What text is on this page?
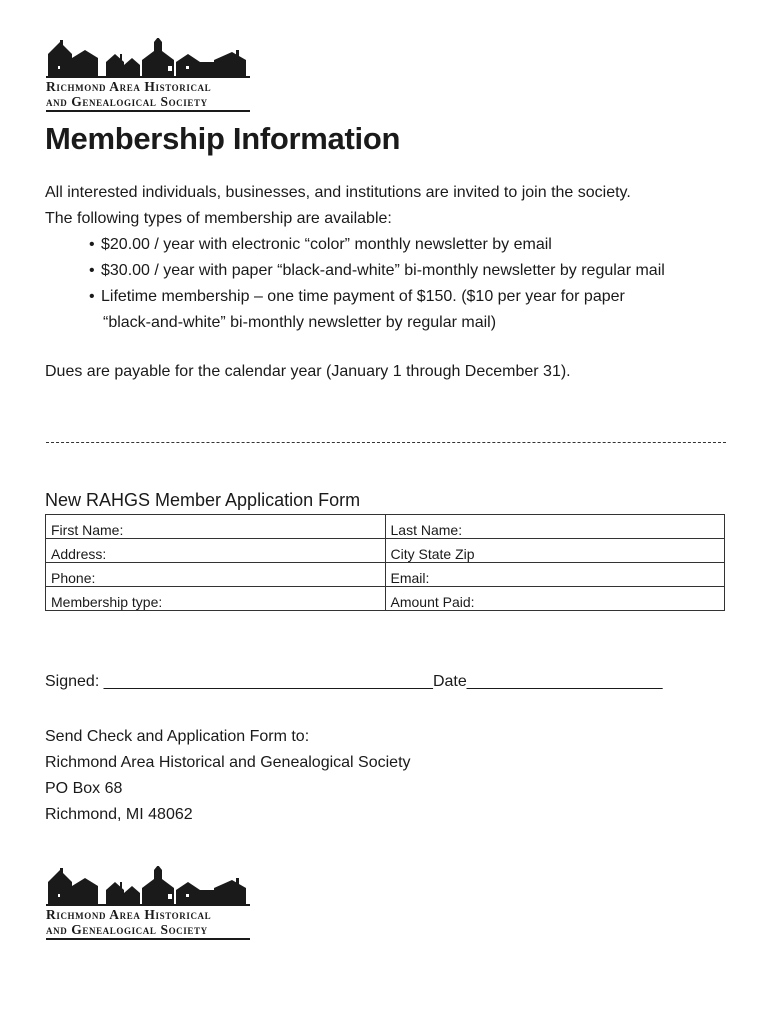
Richmond Area Historical
and Genealogical Society
Membership Information
All interested individuals, businesses, and institutions are invited to join the society.
The following types of membership are available:
• $20.00 / year with electronic “color” monthly newsletter by email
• $30.00 / year with paper “black-and-white” bi-monthly newsletter by regular mail
• Lifetime membership – one time payment of $150. ($10 per year for paper
“black-and-white” bi-monthly newsletter by regular mail)
Dues are payable for the calendar year (January 1 through December 31).
New RAHGS Member Application Form
First Name:	Last Name:
Address:	City State Zip
Phone:	Email:
Membership type:	Amount Paid:
Signed: _____________________________________Date______________________
Send Check and Application Form to:
Richmond Area Historical and Genealogical Society
PO Box 68
Richmond, MI 48062
Richmond Area Historical
and Genealogical Society
